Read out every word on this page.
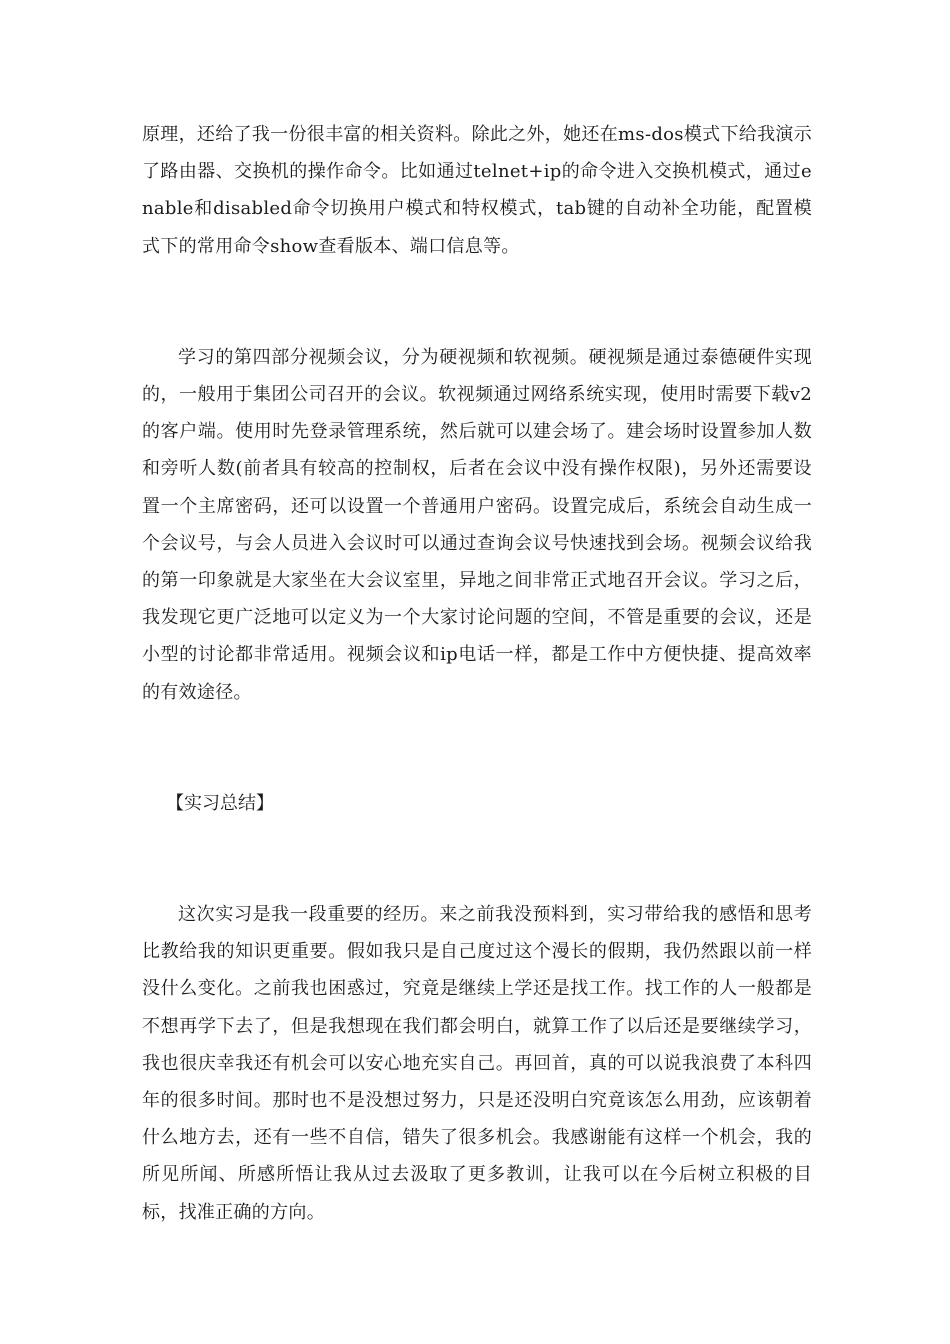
原理，还给了我一份很丰富的相关资料。除此之外，她还在ms-dos模式下给我演示了路由器、交换机的操作命令。比如通过telnet+ip的命令进入交换机模式，通过enable和disabled命令切换用户模式和特权模式，tab键的自动补全功能，配置模式下的常用命令show查看版本、端口信息等。

学习的第四部分视频会议，分为硬视频和软视频。硬视频是通过泰德硬件实现的，一般用于集团公司召开的会议。软视频通过网络系统实现，使用时需要下载v2的客户端。使用时先登录管理系统，然后就可以建会场了。建会场时设置参加人数和旁听人数(前者具有较高的控制权，后者在会议中没有操作权限)，另外还需要设置一个主席密码，还可以设置一个普通用户密码。设置完成后，系统会自动生成一个会议号，与会人员进入会议时可以通过查询会议号快速找到会场。视频会议给我的第一印象就是大家坐在大会议室里，异地之间非常正式地召开会议。学习之后，我发现它更广泛地可以定义为一个大家讨论问题的空间，不管是重要的会议，还是小型的讨论都非常适用。视频会议和ip电话一样，都是工作中方便快捷、提高效率的有效途径。

【实习总结】

这次实习是我一段重要的经历。来之前我没预料到，实习带给我的感悟和思考比教给我的知识更重要。假如我只是自己度过这个漫长的假期，我仍然跟以前一样没什么变化。之前我也困惑过，究竟是继续上学还是找工作。找工作的人一般都是不想再学下去了，但是我想现在我们都会明白，就算工作了以后还是要继续学习，我也很庆幸我还有机会可以安心地充实自己。再回首，真的可以说我浪费了本科四年的很多时间。那时也不是没想过努力，只是还没明白究竟该怎么用劲，应该朝着什么地方去，还有一些不自信，错失了很多机会。我感谢能有这样一个机会，我的所见所闻、所感所悟让我从过去汲取了更多教训，让我可以在今后树立积极的目标，找准正确的方向。
